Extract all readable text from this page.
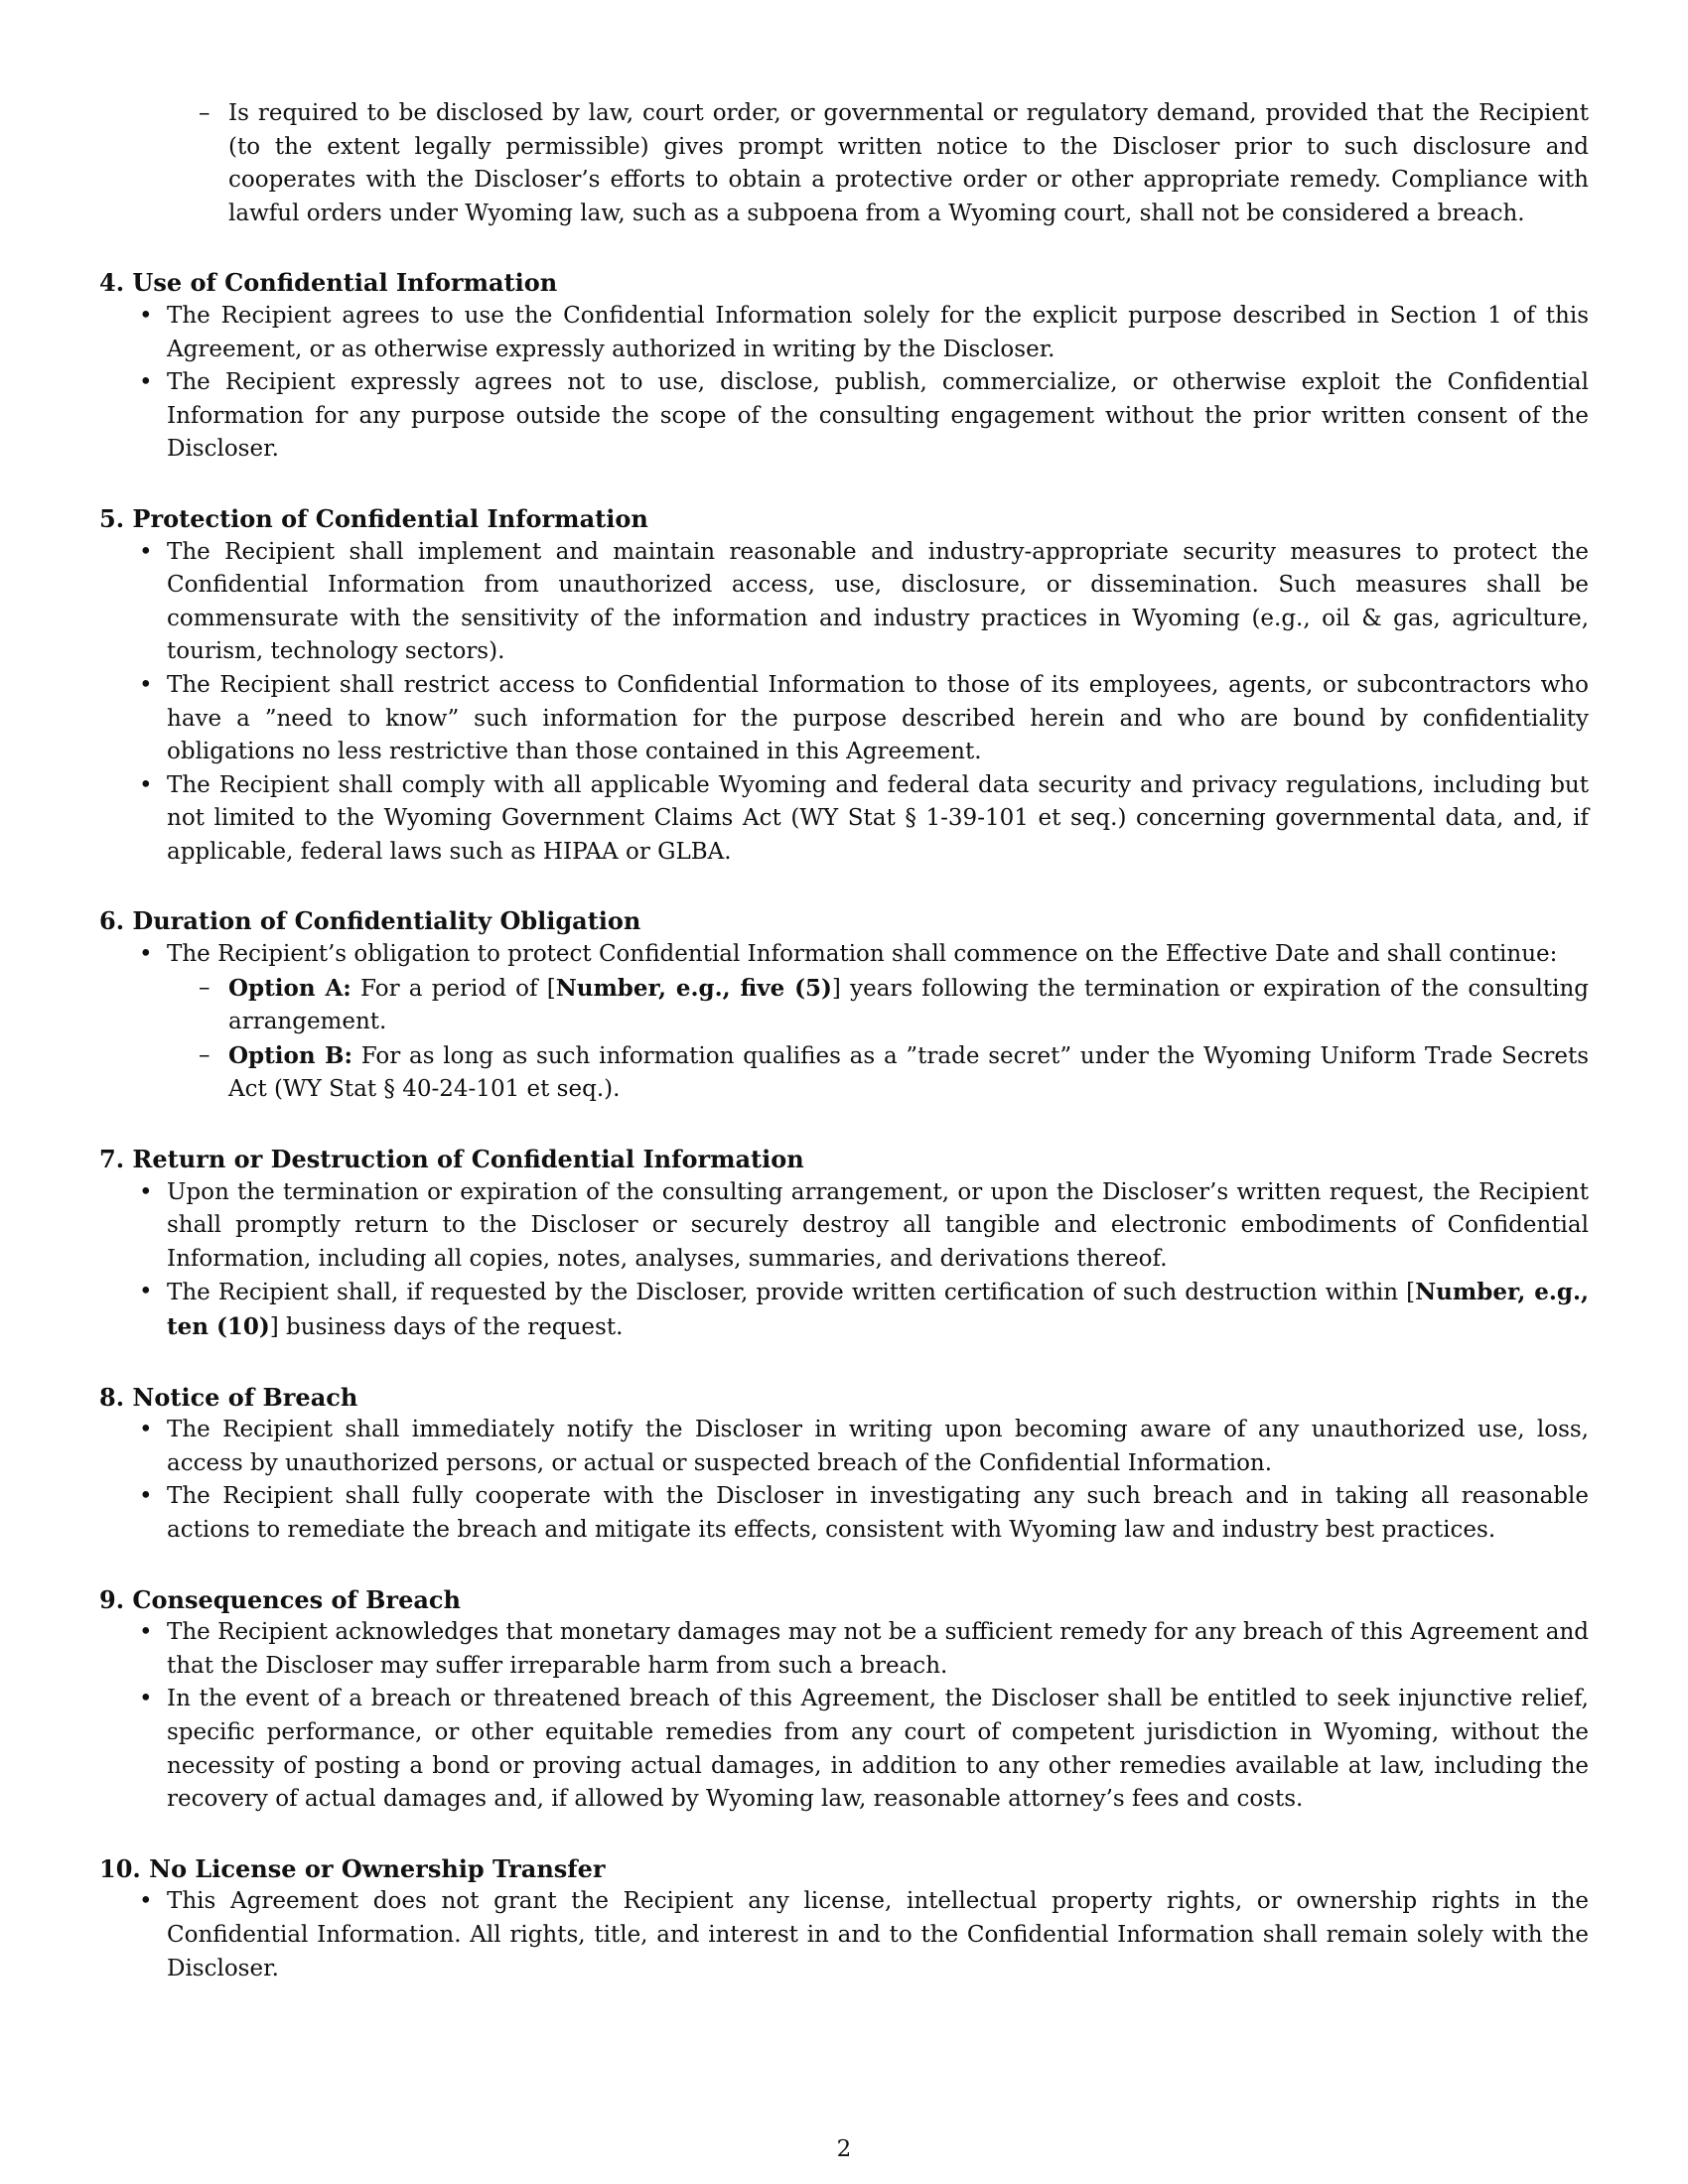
– Is required to be disclosed by law, court order, or governmental or regulatory demand, provided that the Recipient (to the extent legally permissible) gives prompt written notice to the Discloser prior to such disclosure and cooperates with the Discloser’s efforts to obtain a protective order or other appropriate remedy. Compliance with lawful orders under Wyoming law, such as a subpoena from a Wyoming court, shall not be considered a breach.

4. Use of Confidential Information

• The Recipient agrees to use the Confidential Information solely for the explicit purpose described in Section 1 of this Agreement, or as otherwise expressly authorized in writing by the Discloser.

• The Recipient expressly agrees not to use, disclose, publish, commercialize, or otherwise exploit the Confidential Information for any purpose outside the scope of the consulting engagement without the prior written consent of the Discloser.

5. Protection of Confidential Information

• The Recipient shall implement and maintain reasonable and industry-appropriate security measures to protect the Confidential Information from unauthorized access, use, disclosure, or dissemination. Such measures shall be commensurate with the sensitivity of the information and industry practices in Wyoming (e.g., oil & gas, agriculture, tourism, technology sectors).

• The Recipient shall restrict access to Confidential Information to those of its employees, agents, or subcontractors who have a ”need to know” such information for the purpose described herein and who are bound by confidentiality obligations no less restrictive than those contained in this Agreement.

• The Recipient shall comply with all applicable Wyoming and federal data security and privacy regulations, including but not limited to the Wyoming Government Claims Act (WY Stat § 1-39-101 et seq.) concerning governmental data, and, if applicable, federal laws such as HIPAA or GLBA.

6. Duration of Confidentiality Obligation

• The Recipient’s obligation to protect Confidential Information shall commence on the Effective Date and shall continue:

– Option A: For a period of [Number, e.g., five (5)] years following the termination or expiration of the consulting arrangement.

– Option B: For as long as such information qualifies as a ”trade secret” under the Wyoming Uniform Trade Secrets Act (WY Stat § 40-24-101 et seq.).

7. Return or Destruction of Confidential Information

• Upon the termination or expiration of the consulting arrangement, or upon the Discloser’s written request, the Recipient shall promptly return to the Discloser or securely destroy all tangible and electronic embodiments of Confidential Information, including all copies, notes, analyses, summaries, and derivations thereof.

• The Recipient shall, if requested by the Discloser, provide written certification of such destruction within [Number, e.g., ten (10)] business days of the request.

8. Notice of Breach

• The Recipient shall immediately notify the Discloser in writing upon becoming aware of any unauthorized use, loss, access by unauthorized persons, or actual or suspected breach of the Confidential Information.

• The Recipient shall fully cooperate with the Discloser in investigating any such breach and in taking all reasonable actions to remediate the breach and mitigate its effects, consistent with Wyoming law and industry best practices.

9. Consequences of Breach

• The Recipient acknowledges that monetary damages may not be a sufficient remedy for any breach of this Agreement and that the Discloser may suffer irreparable harm from such a breach.

• In the event of a breach or threatened breach of this Agreement, the Discloser shall be entitled to seek injunctive relief, specific performance, or other equitable remedies from any court of competent jurisdiction in Wyoming, without the necessity of posting a bond or proving actual damages, in addition to any other remedies available at law, including the recovery of actual damages and, if allowed by Wyoming law, reasonable attorney’s fees and costs.

10. No License or Ownership Transfer

• This Agreement does not grant the Recipient any license, intellectual property rights, or ownership rights in the Confidential Information. All rights, title, and interest in and to the Confidential Information shall remain solely with the Discloser.

2
